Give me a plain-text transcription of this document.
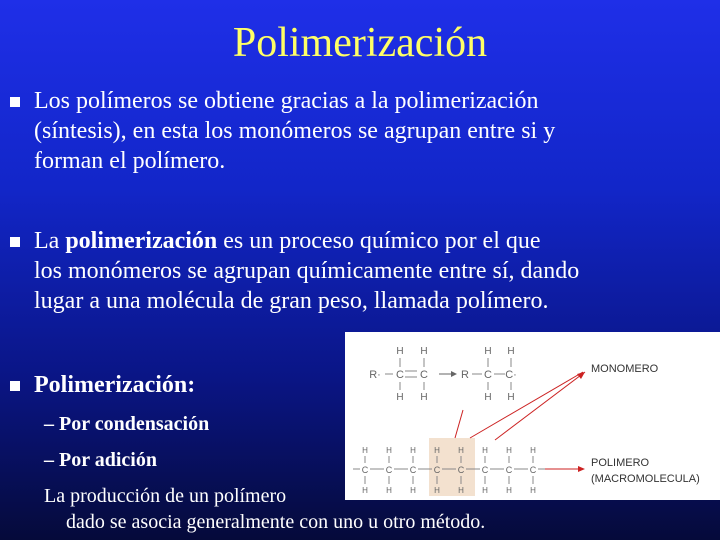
Polimerización
Los polímeros se obtiene gracias a la polimerización
(síntesis), en esta los monómeros se agrupan entre si y
forman el polímero.
La polimerización es un proceso químico por el que
los monómeros se agrupan químicamente entre sí, dando
lugar a una molécula de gran peso, llamada polímero.
Polimerización:
– Por condensación
– Por adición
La producción de un polímero
dado se asocia generalmente con uno u otro método.
R· C C
H H
H H
R C C·
H H
H H
C
H
H
C
H
H
C
H
H
C
H
H
C
H
H
C
H
H
C
H
H
C
H
H
MONOMERO
POLIMERO
(MACROMOLECULA)
